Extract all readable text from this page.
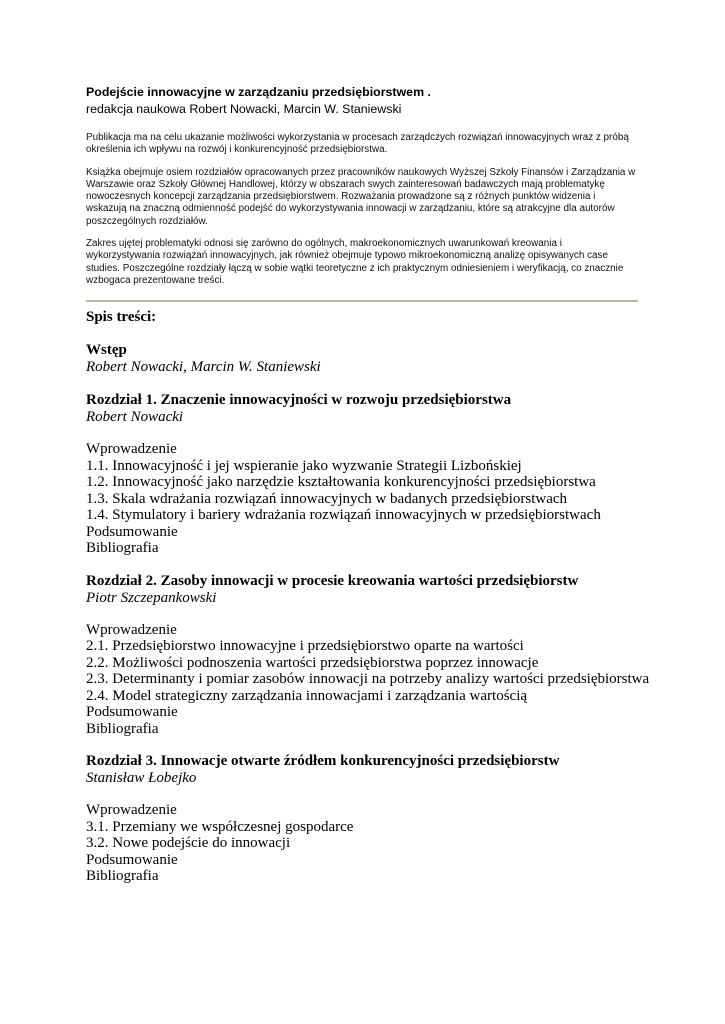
Podejście innowacyjne w zarządzaniu przedsiębiorstwem .

redakcja naukowa Robert Nowacki, Marcin W. Staniewski

Publikacja ma na celu ukazanie możliwości wykorzystania w procesach zarządczych rozwiązań innowacyjnych wraz z próbą określenia ich wpływu na rozwój i konkurencyjność przedsiębiorstwa.

Książka obejmuje osiem rozdziałów opracowanych przez pracowników naukowych Wyższej Szkoły Finansów i Zarządzania w Warszawie oraz Szkoły Głównej Handlowej, którzy w obszarach swych zainteresowań badawczych mają problematykę nowoczesnych koncepcji zarządzania przedsiębiorstwem. Rozważania prowadzone są z różnych punktów widzenia i wskazują na znaczną odmienność podejść do wykorzystywania innowacji w zarządzaniu, które są atrakcyjne dla autorów poszczególnych rozdziałów.

Zakres ujętej problematyki odnosi się zarówno do ogólnych, makroekonomicznych uwarunkowań kreowania i wykorzystywania rozwiązań innowacyjnych, jak również obejmuje typowo mikroekonomiczną analizę opisywanych case studies. Poszczególne rozdziały łączą w sobie wątki teoretyczne z ich praktycznym odniesieniem i weryfikacją, co znacznie wzbogaca prezentowane treści.

Spis treści:

Wstęp

Robert Nowacki, Marcin W. Staniewski

Rozdział 1. Znaczenie innowacyjności w rozwoju przedsiębiorstwa

Robert Nowacki

Wprowadzenie
1.1. Innowacyjność i jej wspieranie jako wyzwanie Strategii Lizbońskiej
1.2. Innowacyjność jako narzędzie kształtowania konkurencyjności przedsiębiorstwa
1.3. Skala wdrażania rozwiązań innowacyjnych w badanych przedsiębiorstwach
1.4. Stymulatory i bariery wdrażania rozwiązań innowacyjnych w przedsiębiorstwach
Podsumowanie
Bibliografia

Rozdział 2. Zasoby innowacji w procesie kreowania wartości przedsiębiorstw

Piotr Szczepankowski

Wprowadzenie
2.1. Przedsiębiorstwo innowacyjne i przedsiębiorstwo oparte na wartości
2.2. Możliwości podnoszenia wartości przedsiębiorstwa poprzez innowacje
2.3. Determinanty i pomiar zasobów innowacji na potrzeby analizy wartości przedsiębiorstwa
2.4. Model strategiczny zarządzania innowacjami i zarządzania wartością
Podsumowanie
Bibliografia

Rozdział 3. Innowacje otwarte źródłem konkurencyjności przedsiębiorstw

Stanisław Łobejko

Wprowadzenie
3.1. Przemiany we współczesnej gospodarce
3.2. Nowe podejście do innowacji
Podsumowanie
Bibliografia
